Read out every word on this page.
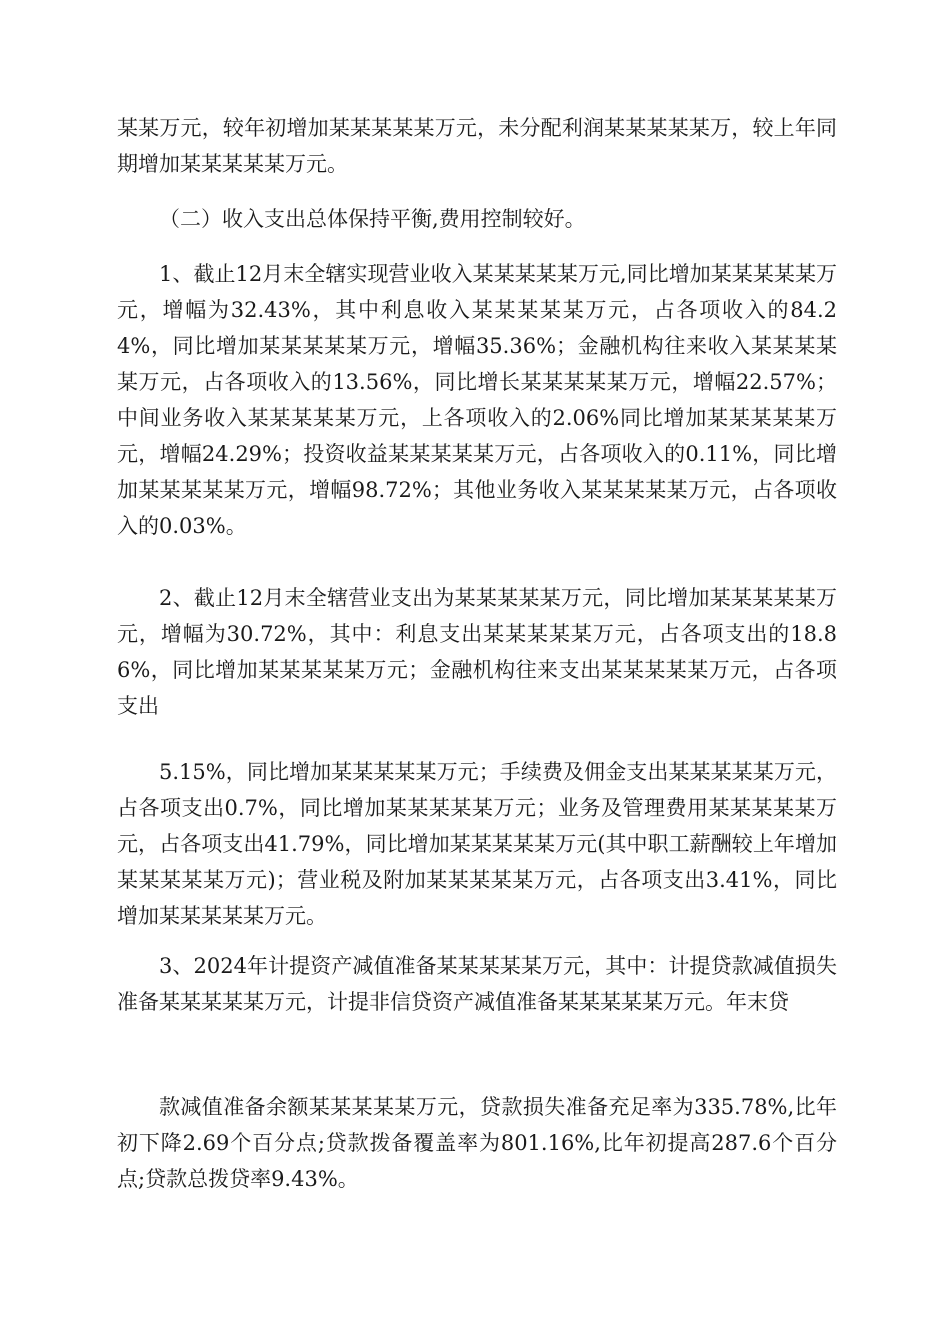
某某万元，较年初增加某某某某某万元，未分配利润某某某某某万，较上年同期增加某某某某某万元。

（二）收入支出总体保持平衡,费用控制较好。

1、截止12月末全辖实现营业收入某某某某某万元,同比增加某某某某某万元，增幅为32.43%，其中利息收入某某某某某万元，占各项收入的84.24%，同比增加某某某某某万元，增幅35.36%；金融机构往来收入某某某某某万元，占各项收入的13.56%，同比增长某某某某某万元，增幅22.57%；中间业务收入某某某某某万元，上各项收入的2.06%同比增加某某某某某万元，增幅24.29%；投资收益某某某某某万元，占各项收入的0.11%，同比增加某某某某某万元，增幅98.72%；其他业务收入某某某某某万元，占各项收入的0.03%。

2、截止12月末全辖营业支出为某某某某某万元，同比增加某某某某某万元，增幅为30.72%，其中：利息支出某某某某某万元，占各项支出的18.86%，同比增加某某某某某万元；金融机构往来支出某某某某某万元，占各项支出

5.15%，同比增加某某某某某万元；手续费及佣金支出某某某某某万元，占各项支出0.7%，同比增加某某某某某万元；业务及管理费用某某某某某万元，占各项支出41.79%，同比增加某某某某某万元(其中职工薪酬较上年增加某某某某某万元)；营业税及附加某某某某某万元，占各项支出3.41%，同比增加某某某某某万元。

3、2024年计提资产减值准备某某某某某万元，其中：计提贷款减值损失准备某某某某某万元，计提非信贷资产减值准备某某某某某万元。年末贷

款减值准备余额某某某某某万元，贷款损失准备充足率为335.78%,比年初下降2.69个百分点;贷款拨备覆盖率为801.16%,比年初提高287.6个百分点;贷款总拨贷率9.43%。
